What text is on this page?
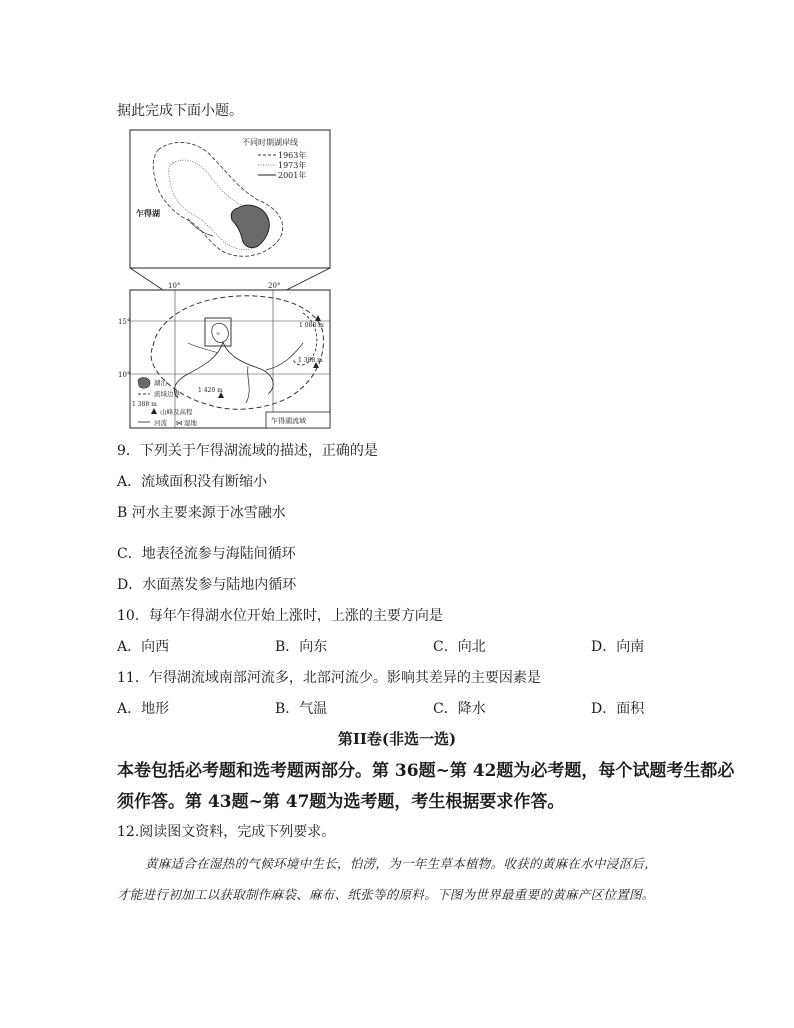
据此完成下面小题。
不同时期湖岸线
1963年
1973年
2001年
乍得湖
10°	20°
15°
10°
≈
1 088 m
1 388 m
1 420 m
湖泊
流域边界
1 388 m
山峰及高程
河流 ⋈ 湿地	乍得湖流域
9．下列关于乍得湖流域的描述，正确的是
A．流域面积没有断缩小
B 河水主要来源于冰雪融水
C．地表径流参与海陆间循环
D．水面蒸发参与陆地内循环
10．每年乍得湖水位开始上涨时，上涨的主要方向是
A．向西	B．向东	C．向北	D．向南
11．乍得湖流域南部河流多，北部河流少。影响其差异的主要因素是
A．地形	B．气温	C．降水	D．面积
第II卷(非选一选)
本卷包括必考题和选考题两部分。第 36题~第 42题为必考题，每个试题考生都必
须作答。第 43题~第 47题为选考题，考生根据要求作答。
12.阅读图文资料，完成下列要求。
黄麻适合在湿热的气候环境中生长，怕涝，为一年生草本植物。收获的黄麻在水中浸沤后，
才能进行初加工以获取制作麻袋、麻布、纸张等的原料。下图为世界最重要的黄麻产区位置图。
